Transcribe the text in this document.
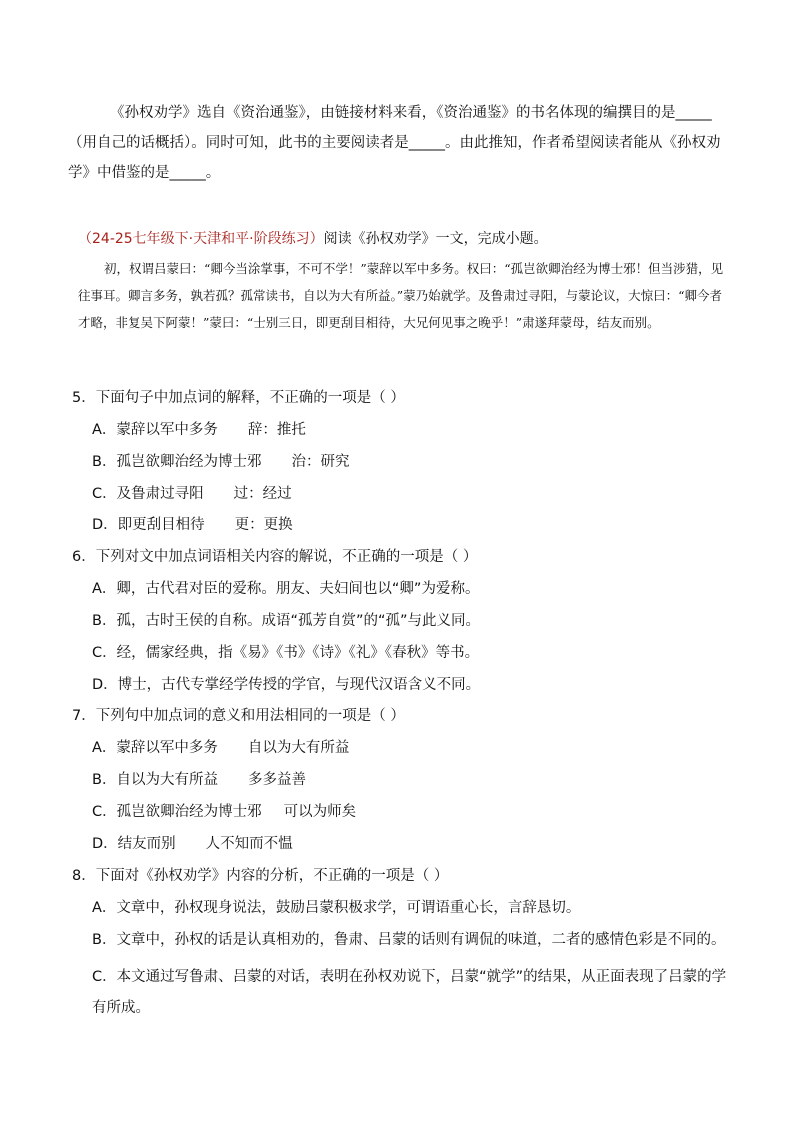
《孙权劝学》选自《资治通鉴》，由链接材料来看，《资治通鉴》的书名体现的编撰目的是_____（用自己的话概括）。同时可知，此书的主要阅读者是_____。由此推知，作者希望阅读者能从《孙权劝学》中借鉴的是_____。

（24-25七年级下·天津和平·阶段练习）阅读《孙权劝学》一文，完成小题。
初，权谓吕蒙曰：“卿今当涂掌事，不可不学！”蒙辞以军中多务。权曰：“孤岂欲卿治经为博士邪！但当涉猎，见往事耳。卿言多务，孰若孤？孤常读书，自以为大有所益。”蒙乃始就学。及鲁肃过寻阳，与蒙论议，大惊曰：“卿今者才略，非复吴下阿蒙！”蒙曰：“士别三日，即更刮目相待，大兄何见事之晚乎！”肃遂拜蒙母，结友而别。
5．下面句子中加点词的解释，不正确的一项是（ ）
A．蒙辞以军中多务 辞：推托
B．孤岂欲卿治经为博士邪 治：研究
C．及鲁肃过寻阳 过：经过
D．即更刮目相待 更：更换
6．下列对文中加点词语相关内容的解说，不正确的一项是（ ）
A．卿，古代君对臣的爱称。朋友、夫妇间也以“卿”为爱称。
B．孤，古时王侯的自称。成语“孤芳自赏”的“孤”与此义同。
C．经，儒家经典，指《易》《书》《诗》《礼》《春秋》等书。
D．博士，古代专掌经学传授的学官，与现代汉语含义不同。
7．下列句中加点词的意义和用法相同的一项是（ ）
A．蒙辞以军中多务 自以为大有所益
B．自以为大有所益 多多益善
C．孤岂欲卿治经为博士邪 可以为师矣
D．结友而别 人不知而不愠
8．下面对《孙权劝学》内容的分析，不正确的一项是（ ）
A．文章中，孙权现身说法，鼓励吕蒙积极求学，可谓语重心长，言辞恳切。
B．文章中，孙权的话是认真相劝的，鲁肃、吕蒙的话则有调侃的味道，二者的感情色彩是不同的。
C．本文通过写鲁肃、吕蒙的对话，表明在孙权劝说下，吕蒙“就学”的结果，从正面表现了吕蒙的学有所成。
